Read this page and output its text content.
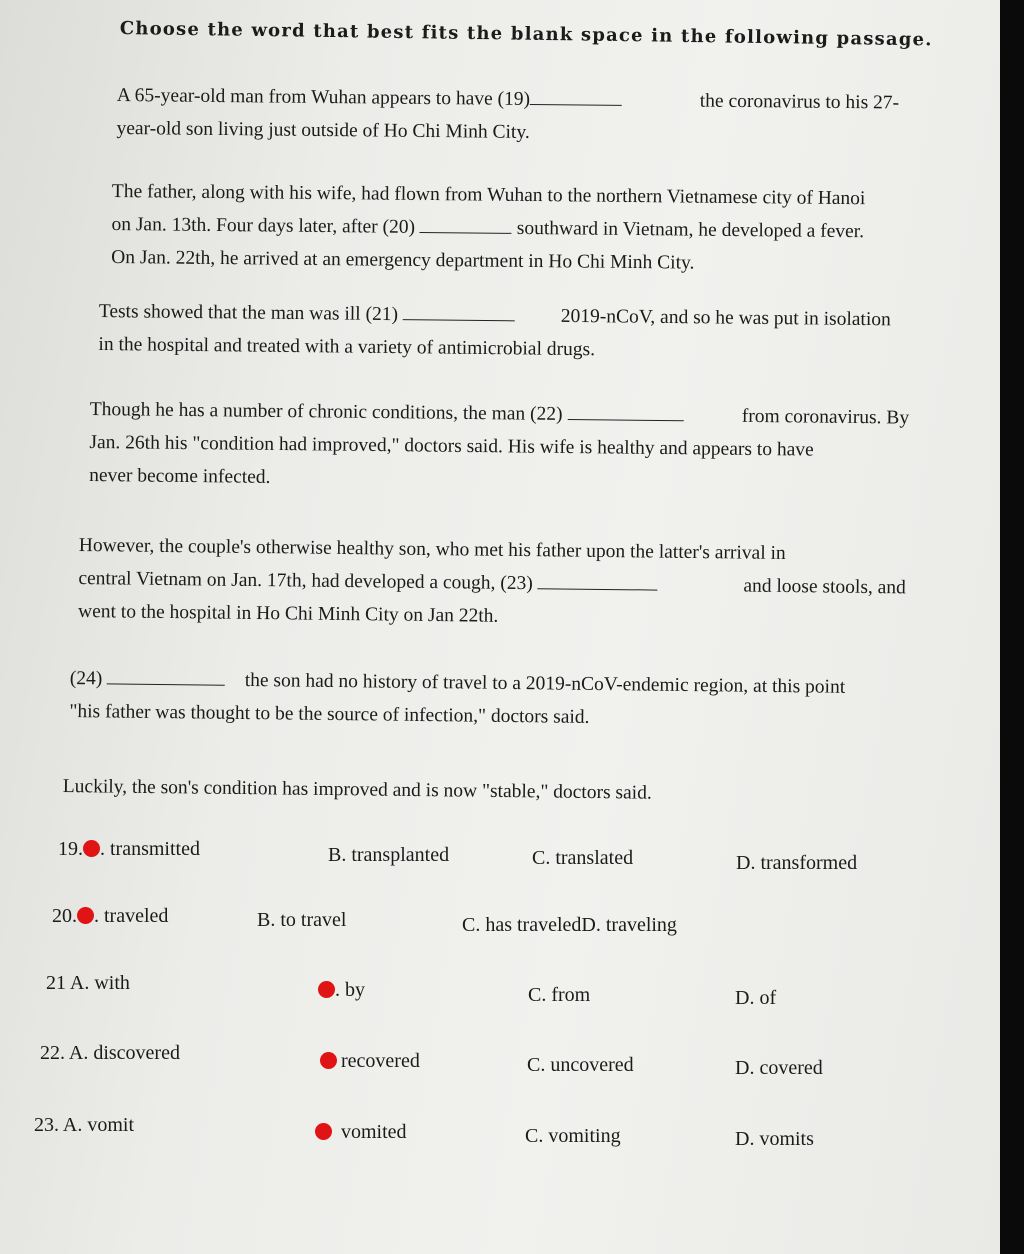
Choose the word that best fits the blank space in the following passage.
A 65-year-old man from Wuhan appears to have (19)	the coronavirus to his 27-
year-old son living just outside of Ho Chi Minh City.
The father, along with his wife, had flown from Wuhan to the northern Vietnamese city of Hanoi
on Jan. 13th. Four days later, after (20)	southward in Vietnam, he developed a fever.
On Jan. 22th, he arrived at an emergency department in Ho Chi Minh City.
Tests showed that the man was ill (21)	2019-nCoV, and so he was put in isolation
in the hospital and treated with a variety of antimicrobial drugs.
Though he has a number of chronic conditions, the man (22)	from coronavirus. By
Jan. 26th his "condition had improved," doctors said. His wife is healthy and appears to have
never become infected.
However, the couple's otherwise healthy son, who met his father upon the latter's arrival in
central Vietnam on Jan. 17th, had developed a cough, (23)	and loose stools, and
went to the hospital in Ho Chi Minh City on Jan 22th.
(24)	the son had no history of travel to a 2019-nCoV-endemic region, at this point
"his father was thought to be the source of infection," doctors said.
Luckily, the son's condition has improved and is now "stable," doctors said.
19. . transmitted	B. transplanted	C. translated	D. transformed
20. . traveled	B. to travel	C. has traveledD. traveling
21 A. with	. by	C. from	D. of
22. A. discovered	recovered	C. uncovered	D. covered
23. A. vomit	vomited	C. vomiting	D. vomits
